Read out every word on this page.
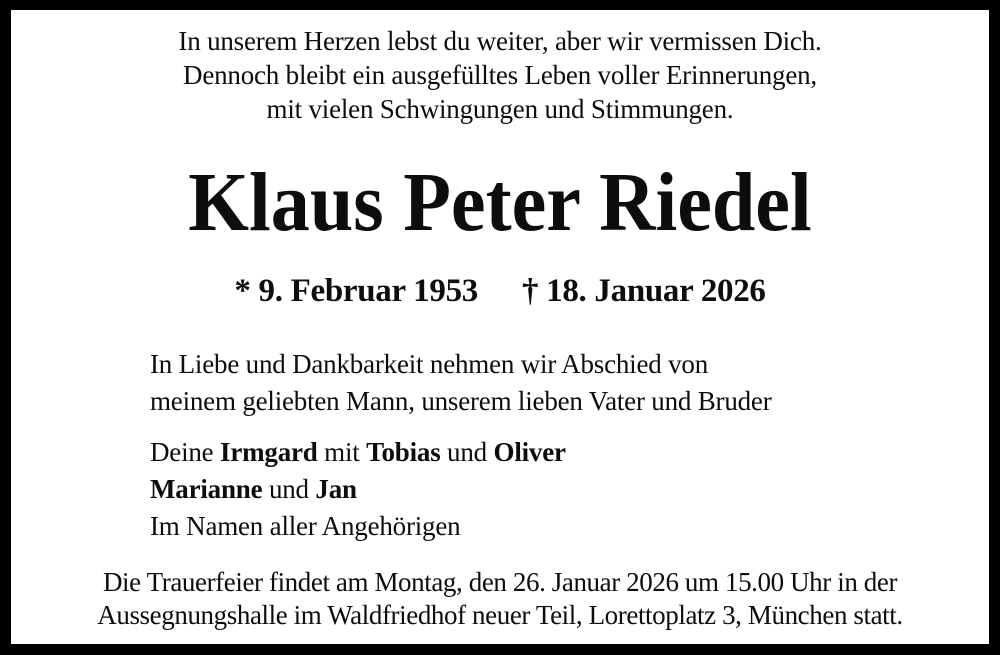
In unserem Herzen lebst du weiter, aber wir vermissen Dich.
Dennoch bleibt ein ausgefülltes Leben voller Erinnerungen,
mit vielen Schwingungen und Stimmungen.
Klaus Peter Riedel
* 9. Februar 1953 † 18. Januar 2026
In Liebe und Dankbarkeit nehmen wir Abschied von
meinem geliebten Mann, unserem lieben Vater und Bruder

Deine Irmgard mit Tobias und Oliver

Marianne und Jan

Im Namen aller Angehörigen

Die Trauerfeier findet am Montag, den 26. Januar 2026 um 15.00 Uhr in der
Aussegnungshalle im Waldfriedhof neuer Teil, Lorettoplatz 3, München statt.
